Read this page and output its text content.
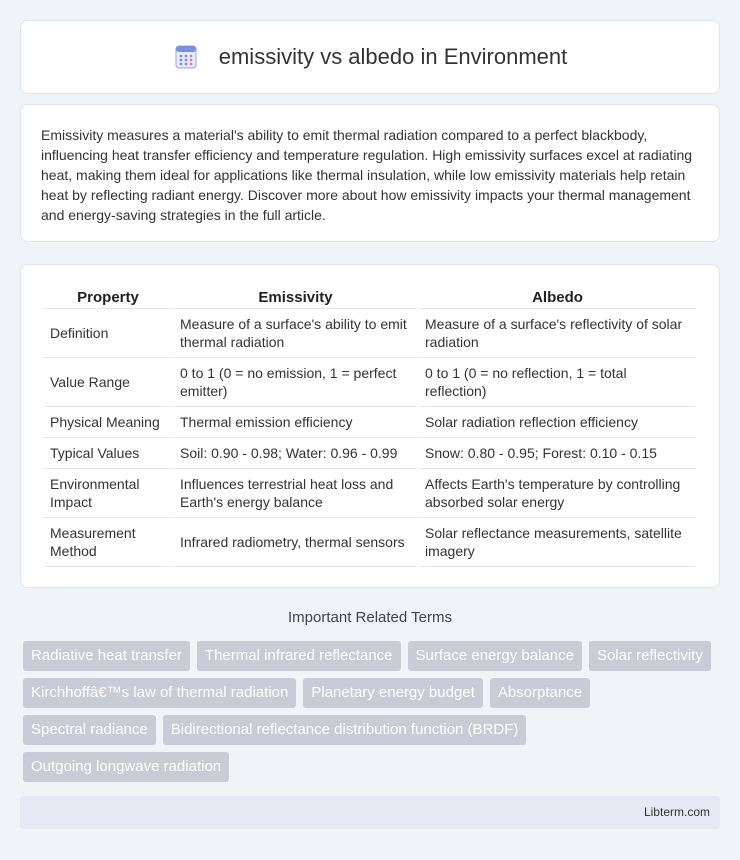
emissivity vs albedo in Environment

Emissivity measures a material's ability to emit thermal radiation compared to a perfect blackbody, influencing heat transfer efficiency and temperature regulation. High emissivity surfaces excel at radiating heat, making them ideal for applications like thermal insulation, while low emissivity materials help retain heat by reflecting radiant energy. Discover more about how emissivity impacts your thermal management and energy-saving strategies in the full article.

Property	Emissivity	Albedo
Definition	Measure of a surface's ability to emit thermal radiation	Measure of a surface's reflectivity of solar radiation
Value Range	0 to 1 (0 = no emission, 1 = perfect emitter)	0 to 1 (0 = no reflection, 1 = total reflection)
Physical Meaning	Thermal emission efficiency	Solar radiation reflection efficiency
Typical Values	Soil: 0.90 - 0.98; Water: 0.96 - 0.99	Snow: 0.80 - 0.95; Forest: 0.10 - 0.15
Environmental Impact	Influences terrestrial heat loss and Earth's energy balance	Affects Earth's temperature by controlling absorbed solar energy
Measurement Method	Infrared radiometry, thermal sensors	Solar reflectance measurements, satellite imagery
Important Related Terms
Radiative heat transfer	Thermal infrared reflectance	Surface energy balance	Solar reflectivity
Kirchhoffâ€™s law of thermal radiation	Planetary energy budget	Absorptance
Spectral radiance	Bidirectional reflectance distribution function (BRDF)
Outgoing longwave radiation
Libterm.com
